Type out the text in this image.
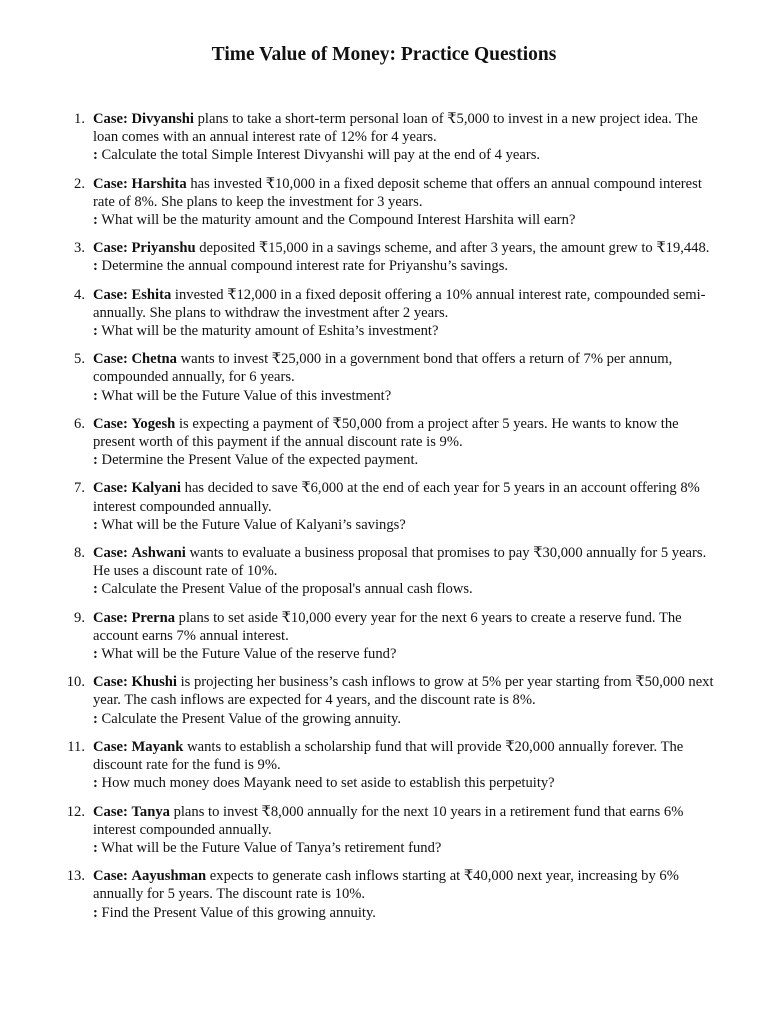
Time Value of Money: Practice Questions
1. Case: Divyanshi plans to take a short-term personal loan of ₹5,000 to invest in a new project idea. The loan comes with an annual interest rate of 12% for 4 years.
: Calculate the total Simple Interest Divyanshi will pay at the end of 4 years.
2. Case: Harshita has invested ₹10,000 in a fixed deposit scheme that offers an annual compound interest rate of 8%. She plans to keep the investment for 3 years.
: What will be the maturity amount and the Compound Interest Harshita will earn?
3. Case: Priyanshu deposited ₹15,000 in a savings scheme, and after 3 years, the amount grew to ₹19,448.
: Determine the annual compound interest rate for Priyanshu’s savings.
4. Case: Eshita invested ₹12,000 in a fixed deposit offering a 10% annual interest rate, compounded semi-annually. She plans to withdraw the investment after 2 years.
: What will be the maturity amount of Eshita’s investment?
5. Case: Chetna wants to invest ₹25,000 in a government bond that offers a return of 7% per annum, compounded annually, for 6 years.
: What will be the Future Value of this investment?
6. Case: Yogesh is expecting a payment of ₹50,000 from a project after 5 years. He wants to know the present worth of this payment if the annual discount rate is 9%.
: Determine the Present Value of the expected payment.
7. Case: Kalyani has decided to save ₹6,000 at the end of each year for 5 years in an account offering 8% interest compounded annually.
: What will be the Future Value of Kalyani’s savings?
8. Case: Ashwani wants to evaluate a business proposal that promises to pay ₹30,000 annually for 5 years. He uses a discount rate of 10%.
: Calculate the Present Value of the proposal's annual cash flows.
9. Case: Prerna plans to set aside ₹10,000 every year for the next 6 years to create a reserve fund. The account earns 7% annual interest.
: What will be the Future Value of the reserve fund?
10. Case: Khushi is projecting her business’s cash inflows to grow at 5% per year starting from ₹50,000 next year. The cash inflows are expected for 4 years, and the discount rate is 8%.
: Calculate the Present Value of the growing annuity.
11. Case: Mayank wants to establish a scholarship fund that will provide ₹20,000 annually forever. The discount rate for the fund is 9%.
: How much money does Mayank need to set aside to establish this perpetuity?
12. Case: Tanya plans to invest ₹8,000 annually for the next 10 years in a retirement fund that earns 6% interest compounded annually.
: What will be the Future Value of Tanya’s retirement fund?
13. Case: Aayushman expects to generate cash inflows starting at ₹40,000 next year, increasing by 6% annually for 5 years. The discount rate is 10%.
: Find the Present Value of this growing annuity.
